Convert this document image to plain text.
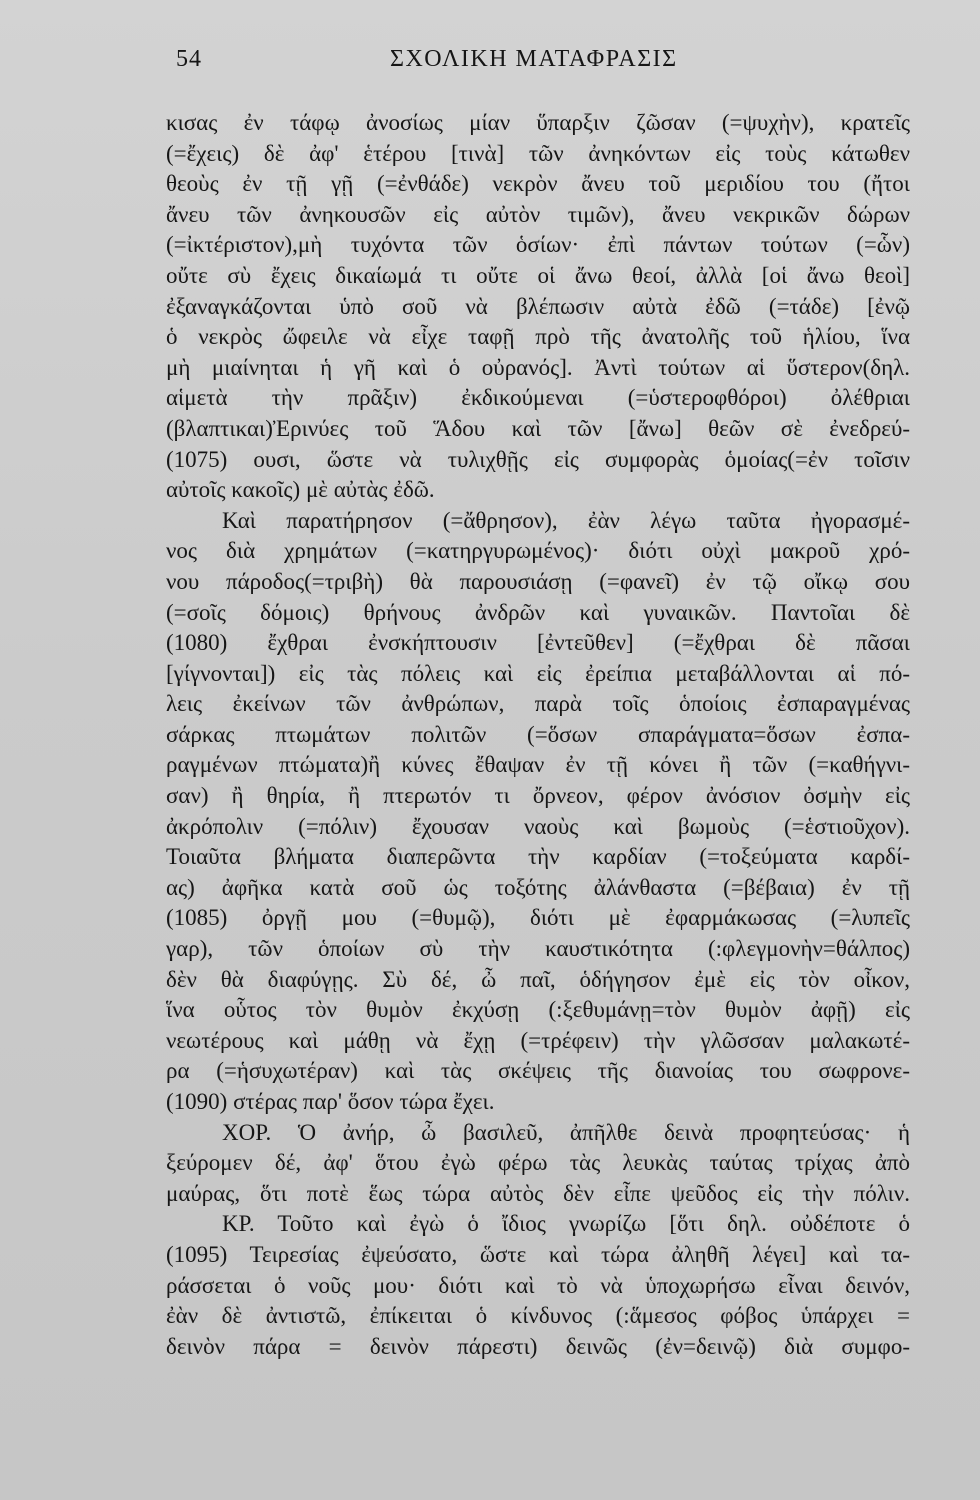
54	ΣΧΟΛΙΚΗ ΜΑΤΑΦΡΑΣΙΣ
κισας ἐν τάφῳ ἀνοσίως μίαν ὕπαρξιν ζῶσαν (=ψυχὴν), κρατεῖς
(=ἔχεις) δὲ ἀφ' ἑτέρου [τινὰ] τῶν ἀνηκόντων εἰς τοὺς κάτωθεν
θεοὺς ἐν τῇ γῇ (=ἐνθάδε) νεκρὸν ἄνευ τοῦ μεριδίου του (ἤτοι
ἄνευ τῶν ἀνηκουσῶν εἰς αὐτὸν τιμῶν), ἄνευ νεκρικῶν δώρων
(=ἰκτέριστον),μὴ τυχόντα τῶν ὁσίων· ἐπὶ πάντων τούτων (=ὧν)
οὔτε σὺ ἔχεις δικαίωμά τι οὔτε οἱ ἄνω θεοί, ἀλλὰ [οἱ ἄνω θεοὶ]
ἐξαναγκάζονται ὑπὸ σοῦ νὰ βλέπωσιν αὐτὰ ἐδῶ (=τάδε) [ἐνῷ
ὁ νεκρὸς ὤφειλε νὰ εἶχε ταφῇ πρὸ τῆς ἀνατολῆς τοῦ ἡλίου, ἵνα
μὴ μιαίνηται ἡ γῆ καὶ ὁ οὐρανός]. Ἀντὶ τούτων αἱ ὕστερον(δηλ.
αἱμετὰ τὴν πρᾶξιν) ἐκδικούμεναι (=ὑστεροφθόροι) ὀλέθριαι
(βλαπτικαι)Ἐρινύες τοῦ Ἅδου καὶ τῶν [ἄνω] θεῶν σὲ ἐνεδρεύ-
(1075) ουσι, ὥστε νὰ τυλιχθῇς εἰς συμφορὰς ὁμοίας(=ἐν τοῖσιν
αὐτοῖς κακοῖς) μὲ αὐτὰς ἐδῶ.
Καὶ παρατήρησον (=ἄθρησον), ἐὰν λέγω ταῦτα ἠγορασμέ-
νος διὰ χρημάτων (=κατηργυρωμένος)· διότι οὐχὶ μακροῦ χρό-
νου πάροδος(=τριβὴ) θὰ παρουσιάσῃ (=φανεῖ) ἐν τῷ οἴκῳ σου
(=σοῖς δόμοις) θρήνους ἀνδρῶν καὶ γυναικῶν. Παντοῖαι δὲ
(1080) ἔχθραι ἐνσκήπτουσιν [ἐντεῦθεν] (=ἔχθραι δὲ πᾶσαι
[γίγνονται]) εἰς τὰς πόλεις καὶ εἰς ἐρείπια μεταβάλλονται αἱ πό-
λεις ἐκείνων τῶν ἀνθρώπων, παρὰ τοῖς ὁποίοις ἐσπαραγμένας
σάρκας πτωμάτων πολιτῶν (=ὅσων σπαράγματα=ὅσων ἐσπα-
ραγμένων πτώματα)ἢ κύνες ἔθαψαν ἐν τῇ κόνει ἢ τῶν (=καθήγνι-
σαν) ἢ θηρία, ἢ πτερωτόν τι ὄρνεον, φέρον ἀνόσιον ὀσμὴν εἰς
ἀκρόπολιν (=πόλιν) ἔχουσαν ναοὺς καὶ βωμοὺς (=ἑστιοῦχον).
Τοιαῦτα βλήματα διαπερῶντα τὴν καρδίαν (=τοξεύματα καρδί-
ας) ἀφῆκα κατὰ σοῦ ὡς τοξότης ἀλάνθαστα (=βέβαια) ἐν τῇ
(1085) ὀργῇ μου (=θυμῷ), διότι μὲ ἐφαρμάκωσας (=λυπεῖς
γαρ), τῶν ὁποίων σὺ τὴν καυστικότητα (:φλεγμονὴν=θάλπος)
δὲν θὰ διαφύγῃς. Σὺ δέ, ὦ παῖ, ὁδήγησον ἐμὲ εἰς τὸν οἶκον,
ἵνα οὗτος τὸν θυμὸν ἐκχύσῃ (:ξεθυμάνῃ=τὸν θυμὸν ἀφῇ) εἰς
νεωτέρους καὶ μάθῃ νὰ ἔχῃ (=τρέφειν) τὴν γλῶσσαν μαλακωτέ-
ρα (=ἡσυχωτέραν) καὶ τὰς σκέψεις τῆς διανοίας του σωφρονε-
(1090) στέρας παρ' ὅσον τώρα ἔχει.
ΧΟΡ. Ὁ ἀνήρ, ὦ βασιλεῦ, ἀπῆλθε δεινὰ προφητεύσας· ἡ
ξεύρομεν δέ, ἀφ' ὅτου ἐγὼ φέρω τὰς λευκὰς ταύτας τρίχας ἀπὸ
μαύρας, ὅτι ποτὲ ἕως τώρα αὐτὸς δὲν εἶπε ψεῦδος εἰς τὴν πόλιν.
ΚΡ. Τοῦτο καὶ ἐγὼ ὁ ἴδιος γνωρίζω [ὅτι δηλ. οὐδέποτε ὁ
(1095) Τειρεσίας ἐψεύσατο, ὥστε καὶ τώρα ἀληθῆ λέγει] καὶ τα-
ράσσεται ὁ νοῦς μου· διότι καὶ τὸ νὰ ὑποχωρήσω εἶναι δεινόν,
ἐὰν δὲ ἀντιστῶ, ἐπίκειται ὁ κίνδυνος (:ἅμεσος φόβος ὑπάρχει =
δεινὸν πάρα = δεινὸν πάρεστι) δεινῶς (ἐν=δεινῷ) διὰ συμφο-
